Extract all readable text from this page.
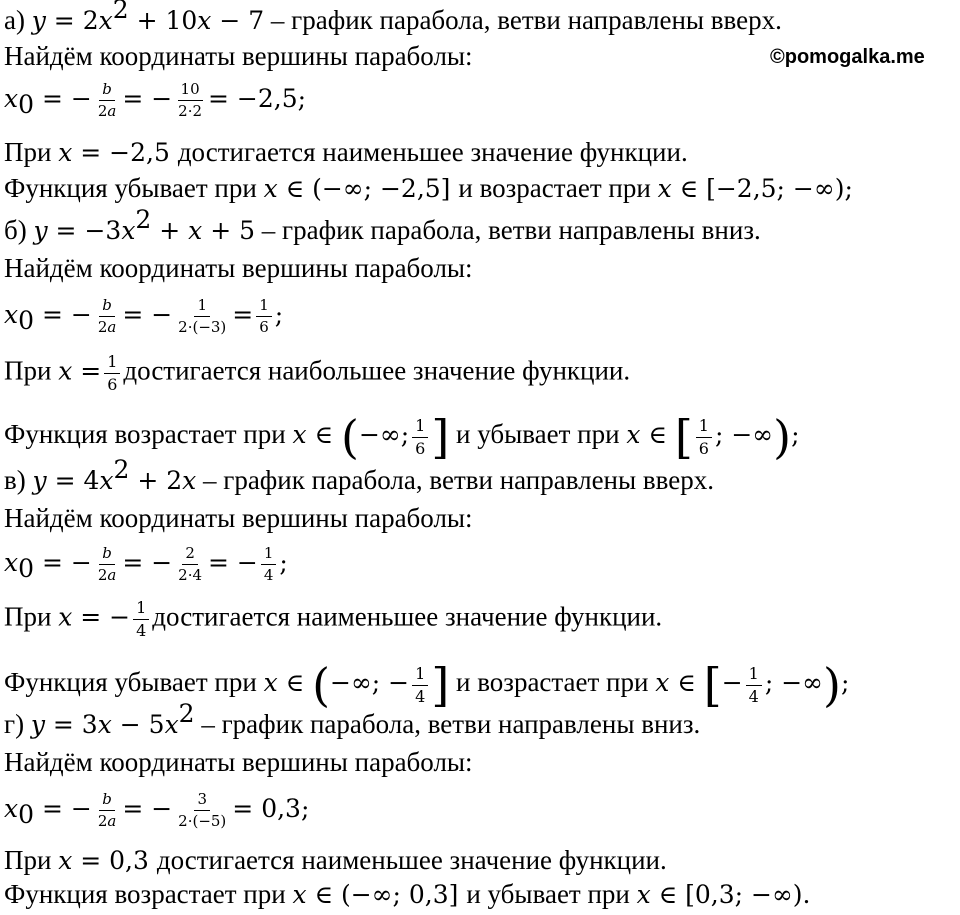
©pomogalka.me
а) $y = 2x^2 + 10x - 7$ – график парабола, ветви направлены вверх.
Найдём координаты вершины параболы:
$x_0$ = − $\frac{b}{2a}$ = − $\frac{10}{2\cdot 2} = -2,5$;
При x = −2,5 достигается наименьшее значение функции.
Функция убывает при x ∈ (−∞; −2,5] и возрастает при x ∈ [−2,5; −∞);
б) $y = -3x^2 + x + 5$ – график парабола, ветви направлены вниз.
Найдём координаты вершины параболы:
$x_0$ = − $\frac{b}{2a}$ = − $\frac{1}{2\cdot(-3)} = \frac{1}{6}$ ;
При $x = \frac{1}{6}$ достигается наибольшее значение функции.
Функция возрастает при x ∈ (−∞; $\frac{1}{6}$ ] и убывает при x ∈ [ $\frac{1}{6}$ ; −∞);
в) $y = 4x^2 + 2x$ – график парабола, ветви направлены вверх.
Найдём координаты вершины параболы:
$x_0$ = − $\frac{b}{2a}$ = − $\frac{2}{2\cdot 4}$ = − $\frac{1}{4}$ ;
При x = − $\frac{1}{4}$ достигается наименьшее значение функции.
Функция убывает при x ∈ (−∞; − $\frac{1}{4}$ ] и возрастает при x ∈ [− $\frac{1}{4}$ ; −∞);
г) $y = 3x - 5x^2$ – график парабола, ветви направлены вниз.
Найдём координаты вершины параболы:
$x_0$ = − $\frac{b}{2a}$ = − $\frac{3}{2\cdot(-5)} = 0,3$;
При x = 0,3 достигается наименьшее значение функции.
Функция возрастает при x ∈ (−∞; 0,3] и убывает при x ∈ [0,3; −∞).
